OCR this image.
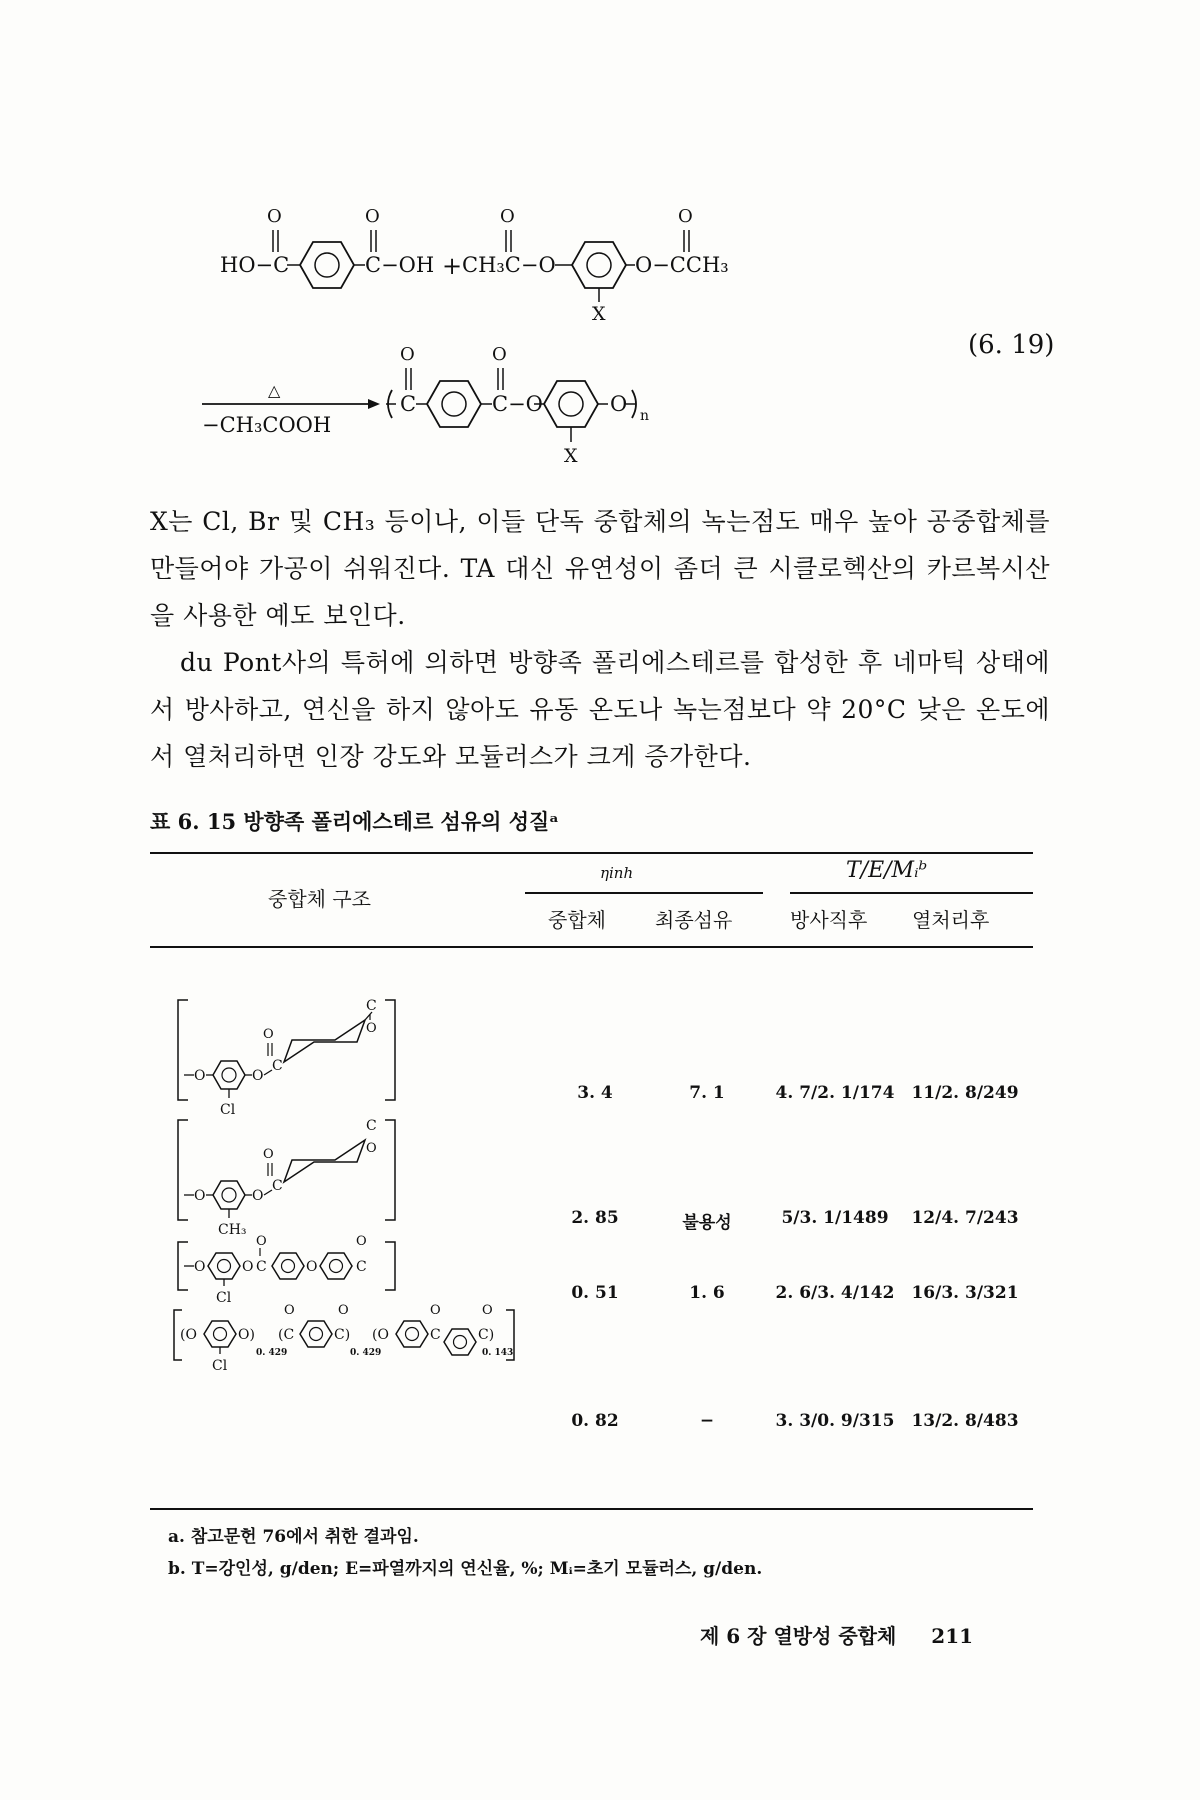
HO−C
O
C−OH
O
+ CH₃C−O
O
X
O−CCH₃
O
△
−CH₃COOH
C
O
C−O
O
X
O n
(6. 19)

X는 Cl, Br 및 CH₃ 등이나, 이들 단독 중합체의 녹는점도 매우 높아 공중합체를 만들어야 가공이 쉬워진다. TA 대신 유연성이 좀더 큰 시클로헥산의 카르복시산을 사용한 예도 보인다.

du Pont사의 특허에 의하면 방향족 폴리에스테르를 합성한 후 네마틱 상태에서 방사하고, 연신을 하지 않아도 유동 온도나 녹는점보다 약 20°C 낮은 온도에서 열처리하면 인장 강도와 모듈러스가 크게 증가한다.

표 6. 15 방향족 폴리에스테르 섬유의 성질ᵃ
중합체 구조
ηinh	T/E/Mᵢᵇ
중합체 최종섬유	방사직후 열처리후
O
Cl
O
C
O
C
O
O
CH₃
O
C
O
C
O
O
Cl
O C
O
O	C
O
(O
Cl
O)
0. 429
(C
O
C)
O
0. 429
(O	C
O
C)
O
0. 143
3. 4	7. 1	4. 7/2. 1/174	11/2. 8/249
2. 85	불용성	5/3. 1/1489	12/4. 7/243
0. 51	1. 6	2. 6/3. 4/142	16/3. 3/321
0. 82	−	3. 3/0. 9/315	13/2. 8/483
a. 참고문헌 76에서 취한 결과임.
b. T=강인성, g/den; E=파열까지의 연신율, %; Mᵢ=초기 모듈러스, g/den.
제 6 장 열방성 중합체 211
